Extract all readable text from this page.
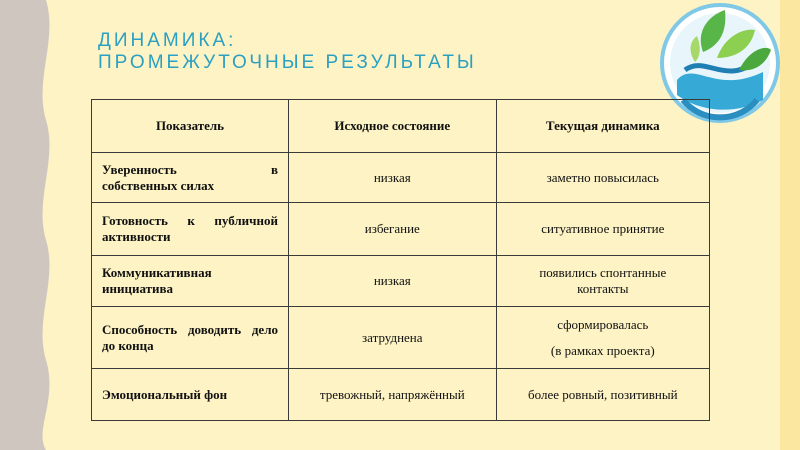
ДИНАМИКА:
ПРОМЕЖУТОЧНЫЕ РЕЗУЛЬТАТЫ
Показатель	Исходное состояние	Текущая динамика

Уверенность в
собственных силах	низкая	заметно повысилась
Готовность к публичной активности	избегание	ситуативное принятие
Коммуникативная инициатива	низкая	появились спонтанные
контакты
Способность доводить дело до конца	затруднена	сформировалась
(в рамках проекта)

Эмоциональный фон	тревожный, напряжённый	более ровный, позитивный
